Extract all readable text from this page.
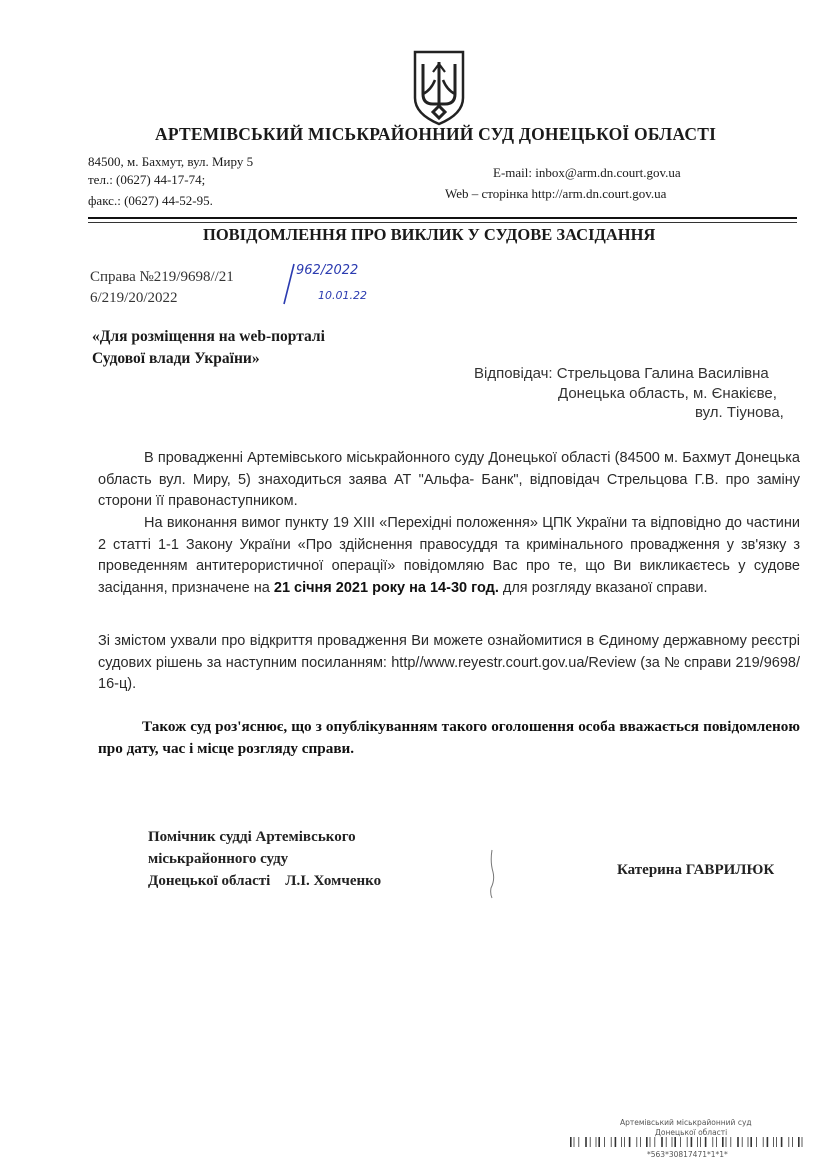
АРТЕМІВСЬКИЙ МІСЬКРАЙОННИЙ СУД ДОНЕЦЬКОЇ ОБЛАСТІ
84500, м. Бахмут, вул. Миру 5
тел.: (0627) 44-17-74;
факс.: (0627) 44-52-95.
E-mail: inbox@arm.dn.court.gov.ua
Web – сторінка http://arm.dn.court.gov.ua
ПОВІДОМЛЕННЯ ПРО ВИКЛИК У СУДОВЕ ЗАСІДАННЯ
Справа №219/9698//21
6/219/20/2022
962/2022
10.01.22
«Для розміщення на web-порталі
Судової влади України»
Відповідач: Стрельцова Галина Василівна
Донецька область, м. Єнакієве,
вул. Тіунова,
В провадженні Артемівського міськрайонного суду Донецької області (84500 м. Бахмут Донецька область вул. Миру, 5) знаходиться заява АТ "Альфа- Банк", відповідач Стрельцова Г.В. про заміну сторони її правонаступником.
На виконання вимог пункту 19 XIII «Перехідні положення» ЦПК України та відповідно до частини 2 статті 1-1 Закону України «Про здійснення правосуддя та кримінального провадження у зв'язку з проведенням антитерористичної операції» повідомляю Вас про те, що Ви викликаєтесь у судове засідання, призначене на 21 січня 2021 року на 14-30 год. для розгляду вказаної справи.
Зі змістом ухвали про відкриття провадження Ви можете ознайомитися в Єдиному державному реєстрі судових рішень за наступним посиланням: http//www.reyestr.court.gov.ua/Review (за № справи 219/9698/ 16-ц).
Також суд роз'яснює, що з опублікуванням такого оголошення особа вважається повідомленою про дату, час і місце розгляду справи.
Помічник судді Артемівського
міськрайонного суду
Донецької області    Л.І. Хомченко
Катерина ГАВРИЛЮК
Артемівський міськрайонний суд
Донецької області
*563*30817471*1*1*
